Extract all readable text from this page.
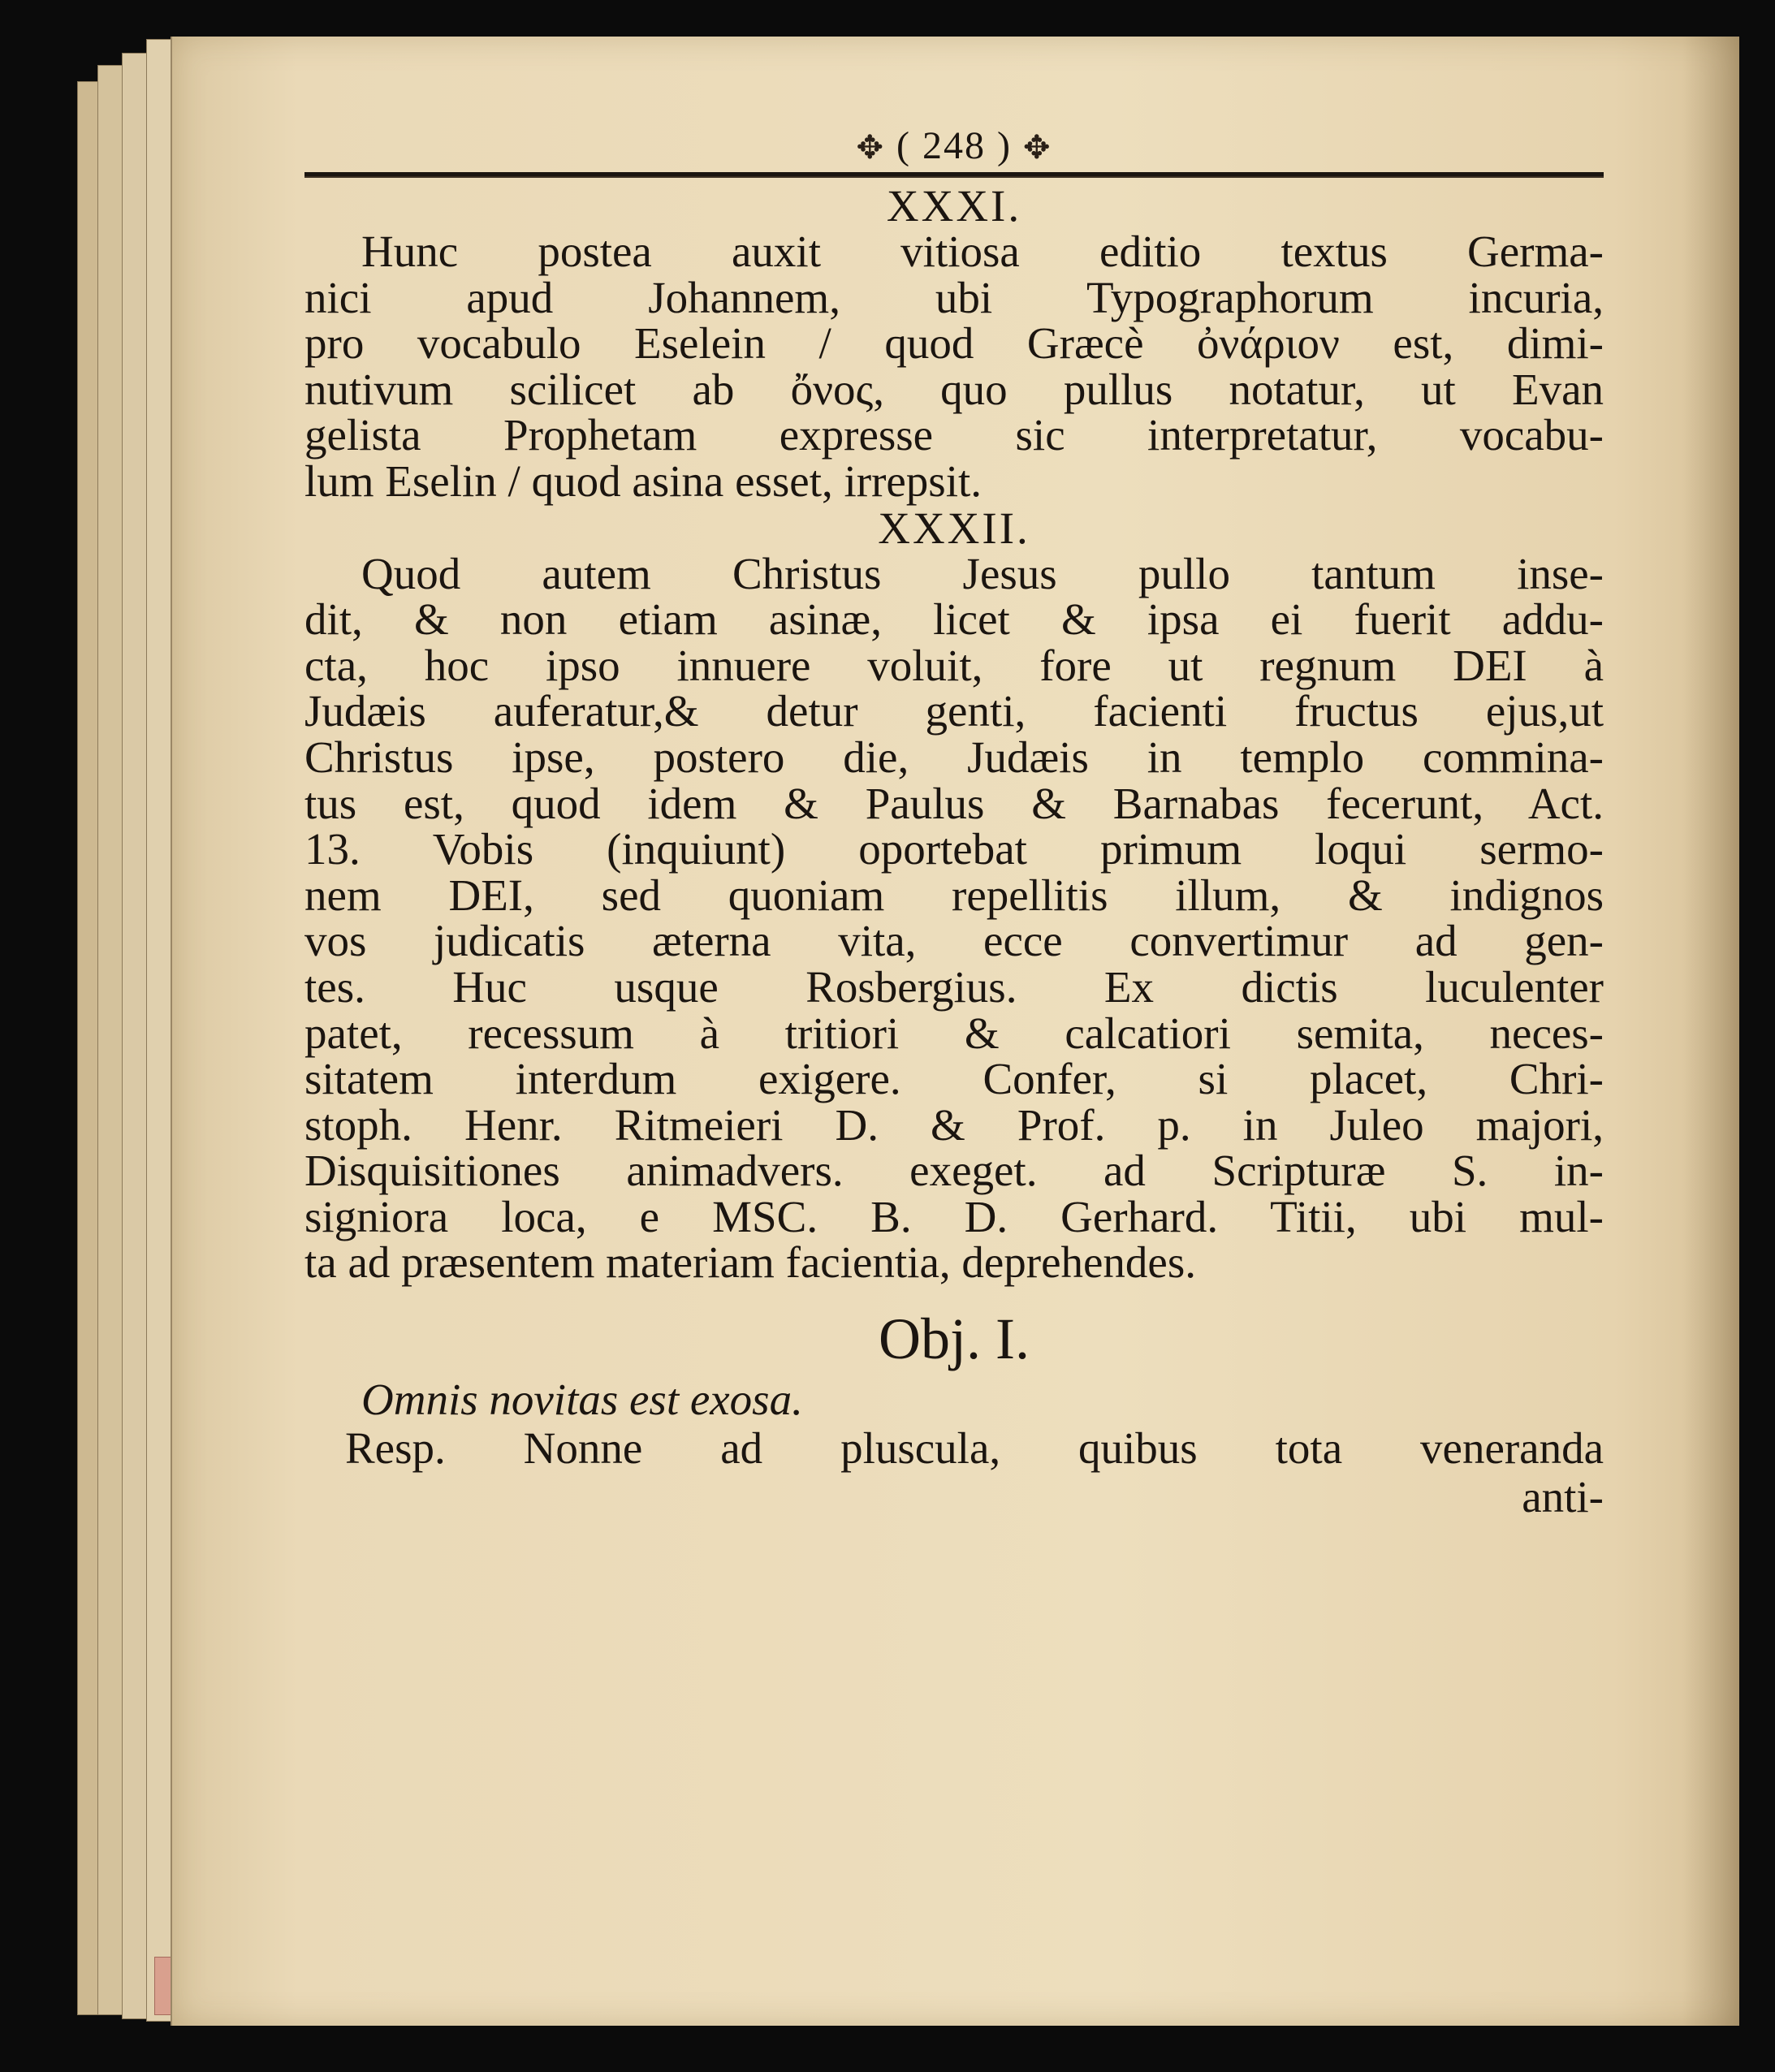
✥ ( 248 ) ✥
XXXI.
Hunc postea auxit vitiosa editio textus Germa-
nici apud Johannem, ubi Typographorum incuria,
pro vocabulo Eselein / quod Græcè ὀνάριον est, dimi-
nutivum scilicet ab ὄνος, quo pullus notatur, ut Evan
gelista Prophetam expresse sic interpretatur, vocabu-
lum Eselin / quod asina esset, irrepsit.
XXXII.
Quod autem Christus Jesus pullo tantum inse-
dit, & non etiam asinæ, licet & ipsa ei fuerit addu-
cta, hoc ipso innuere voluit, fore ut regnum DEI à
Judæis auferatur,& detur genti, facienti fructus ejus,ut
Christus ipse, postero die, Judæis in templo commina-
tus est, quod idem & Paulus & Barnabas fecerunt, Act.
13. Vobis (inquiunt) oportebat primum loqui sermo-
nem DEI, sed quoniam repellitis illum, & indignos
vos judicatis æterna vita, ecce convertimur ad gen-
tes. Huc usque Rosbergius. Ex dictis luculenter
patet, recessum à tritiori & calcatiori semita, neces-
sitatem interdum exigere. Confer, si placet, Chri-
stoph. Henr. Ritmeieri D. & Prof. p. in Juleo majori,
Disquisitiones animadvers. exeget. ad Scripturæ S. in-
signiora loca, e MSC. B. D. Gerhard. Titii, ubi mul-
ta ad præsentem materiam facientia, deprehendes.
Obj. I.
Omnis novitas est exosa.
Resp. Nonne ad pluscula, quibus tota veneranda
anti-
